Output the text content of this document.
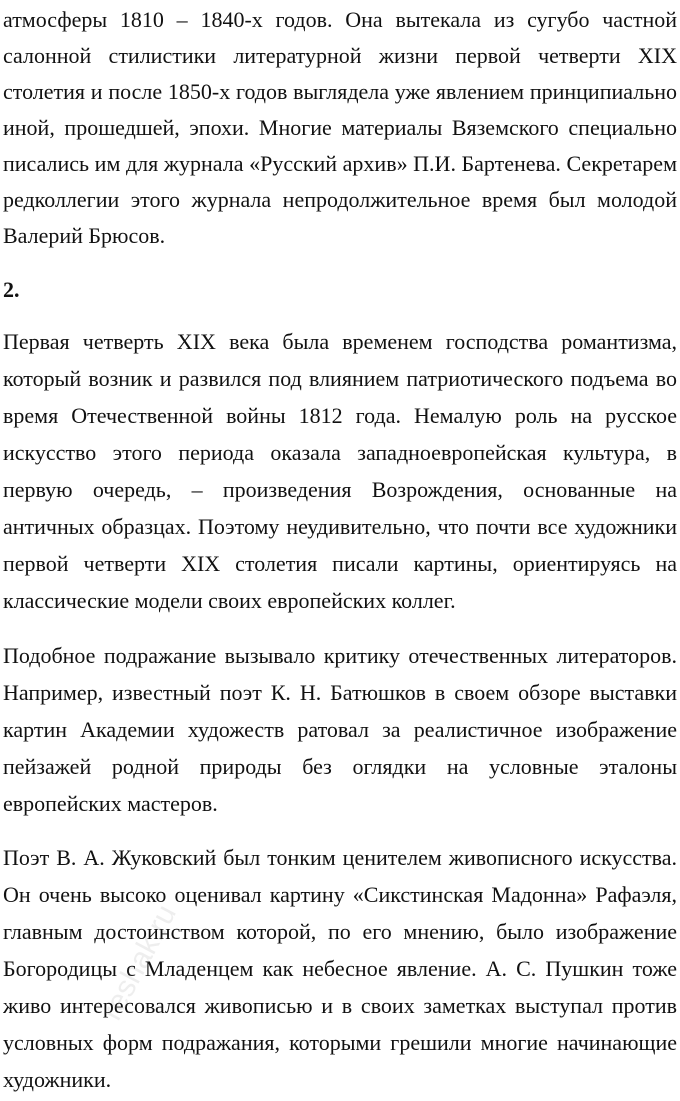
атмосферы 1810 – 1840-х годов. Она вытекала из сугубо частной
салонной стилистики литературной жизни первой четверти XIX
столетия и после 1850-х годов выглядела уже явлением принципиально
иной, прошедшей, эпохи. Многие материалы Вяземского специально
писались им для журнала «Русский архив» П.И. Бартенева. Секретарем
редколлегии этого журнала непродолжительное время был молодой
Валерий Брюсов.
2.
Первая четверть XIX века была временем господства романтизма,
который возник и развился под влиянием патриотического подъема во
время Отечественной войны 1812 года. Немалую роль на русское
искусство этого периода оказала западноевропейская культура, в
первую очередь, – произведения Возрождения, основанные на
античных образцах. Поэтому неудивительно, что почти все художники
первой четверти XIX столетия писали картины, ориентируясь на
классические модели своих европейских коллег.
Подобное подражание вызывало критику отечественных литераторов.
Например, известный поэт К. Н. Батюшков в своем обзоре выставки
картин Академии художеств ратовал за реалистичное изображение
пейзажей родной природы без оглядки на условные эталоны
европейских мастеров.
Поэт В. А. Жуковский был тонким ценителем живописного искусства.
Он очень высоко оценивал картину «Сикстинская Мадонна» Рафаэля,
главным достоинством которой, по его мнению, было изображение
Богородицы с Младенцем как небесное явление. А. С. Пушкин тоже
живо интересовался живописью и в своих заметках выступал против
условных форм подражания, которыми грешили многие начинающие
художники.
reshak.ru
